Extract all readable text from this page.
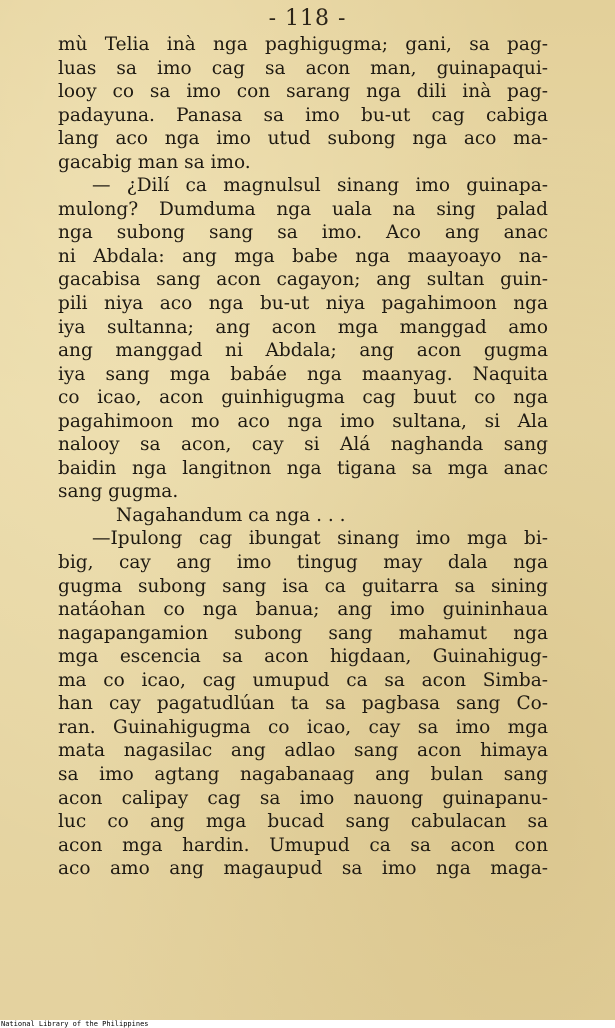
- 118 -
mù Telia inà nga paghigugma; gani, sa pag-
luas sa imo cag sa acon man, guinapaqui-
looy co sa imo con sarang nga dili inà pag-
padayuna. Panasa sa imo bu-ut cag cabiga
lang aco nga imo utud subong nga aco ma-
gacabig man sa imo.
— ¿Dilí ca magnulsul sinang imo guinapa-
mulong? Dumduma nga uala na sing palad
nga subong sang sa imo. Aco ang anac
ni Abdala: ang mga babe nga maayoayo na-
gacabisa sang acon cagayon; ang sultan guin-
pili niya aco nga bu-ut niya pagahimoon nga
iya sultanna; ang acon mga manggad amo
ang manggad ni Abdala; ang acon gugma
iya sang mga babáe nga maanyag. Naquita
co icao, acon guinhigugma cag buut co nga
pagahimoon mo aco nga imo sultana, si Ala
nalooy sa acon, cay si Alá naghanda sang
baidin nga langitnon nga tigana sa mga anac
sang gugma.
Nagahandum ca nga . . .
—Ipulong cag ibungat sinang imo mga bi-
big, cay ang imo tingug may dala nga
gugma subong sang isa ca guitarra sa sining
natáohan co nga banua; ang imo guininhaua
nagapangamion subong sang mahamut nga
mga escencia sa acon higdaan, Guinahigug-
ma co icao, cag umupud ca sa acon Simba-
han cay pagatudlúan ta sa pagbasa sang Co-
ran. Guinahigugma co icao, cay sa imo mga
mata nagasilac ang adlao sang acon himaya
sa imo agtang nagabanaag ang bulan sang
acon calipay cag sa imo nauong guinapanu-
luc co ang mga bucad sang cabulacan sa
acon mga hardin. Umupud ca sa acon con
aco amo ang magaupud sa imo nga maga-
National Library of the Philippines
